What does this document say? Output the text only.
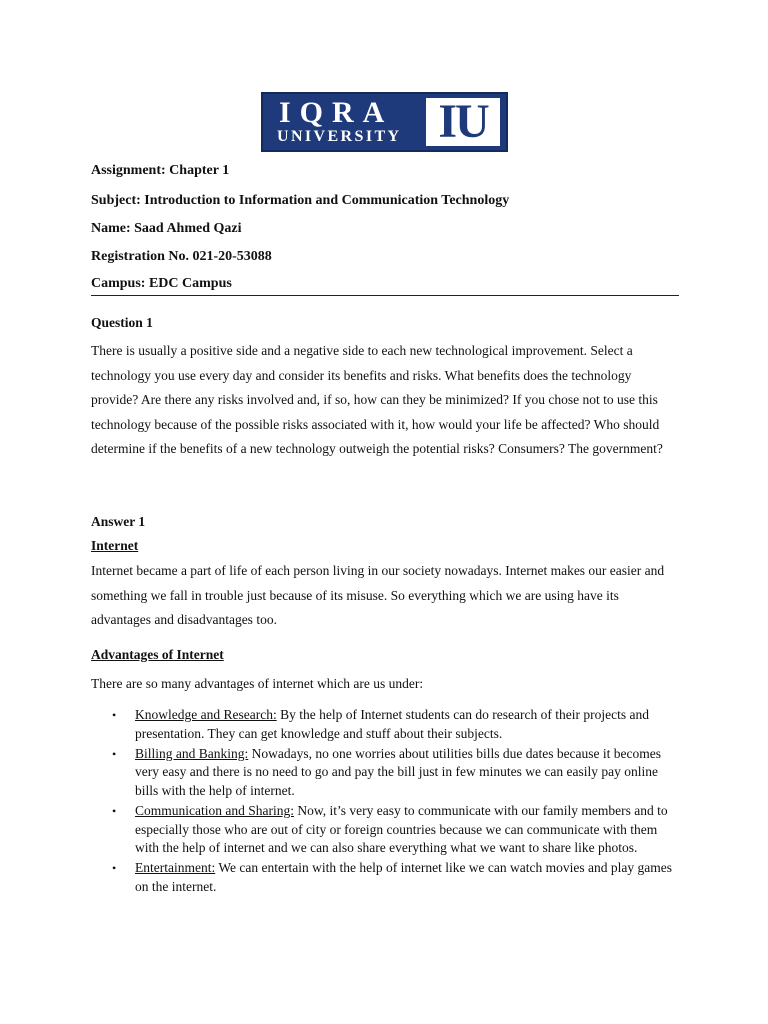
IQRA
UNIVERSITY IU
Assignment: Chapter 1
Subject: Introduction to Information and Communication Technology
Name: Saad Ahmed Qazi
Registration No. 021-20-53088
Campus: EDC Campus
Question 1

There is usually a positive side and a negative side to each new technological improvement. Select a technology you use every day and consider its benefits and risks. What benefits does the technology provide? Are there any risks involved and, if so, how can they be minimized? If you chose not to use this technology because of the possible risks associated with it, how would your life be affected? Who should determine if the benefits of a new technology outweigh the potential risks? Consumers? The government?

Answer 1
Internet

Internet became a part of life of each person living in our society nowadays. Internet makes our easier and something we fall in trouble just because of its misuse. So everything which we are using have its advantages and disadvantages too.

Advantages of Internet
There are so many advantages of internet which are us under:
• Knowledge and Research: By the help of Internet students can do research of their projects and presentation. They can get knowledge and stuff about their subjects.
• Billing and Banking: Nowadays, no one worries about utilities bills due dates because it becomes very easy and there is no need to go and pay the bill just in few minutes we can easily pay online bills with the help of internet.
• Communication and Sharing: Now, it’s very easy to communicate with our family members and to especially those who are out of city or foreign countries because we can communicate with them with the help of internet and we can also share everything what we want to share like photos.
• Entertainment: We can entertain with the help of internet like we can watch movies and play games on the internet.
